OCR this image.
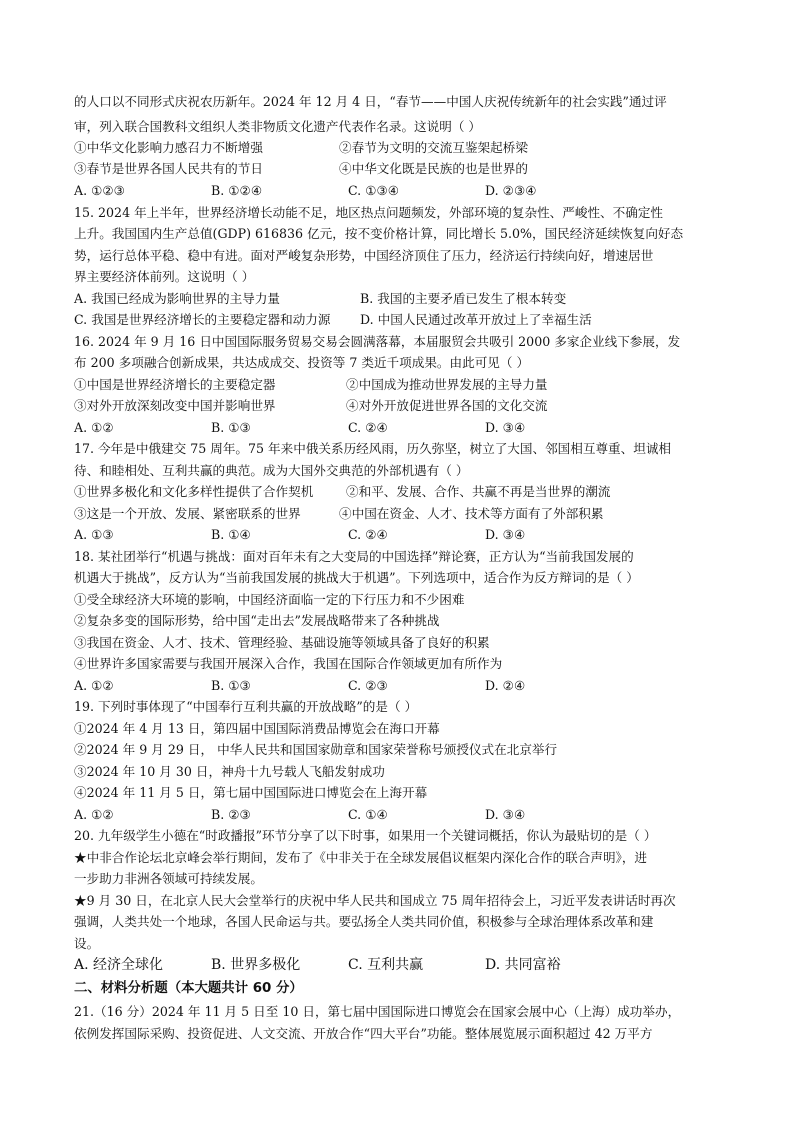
的人口以不同形式庆祝农历新年。2024 年 12 月 4 日，“春节——中国人庆祝传统新年的社会实践”通过评
审，列入联合国教科文组织人类非物质文化遗产代表作名录。这说明（ ）
①中华文化影响力感召力不断增强	②春节为文明的交流互鉴架起桥梁
③春节是世界各国人民共有的节日	④中华文化既是民族的也是世界的
A. ①②③	B. ①②④	C. ①③④	D. ②③④
15. 2024 年上半年，世界经济增长动能不足，地区热点问题频发，外部环境的复杂性、严峻性、不确定性
上升。我国国内生产总值(GDP) 616836 亿元，按不变价格计算，同比增长 5.0%，国民经济延续恢复向好态
势，运行总体平稳、稳中有进。面对严峻复杂形势，中国经济顶住了压力，经济运行持续向好，增速居世
界主要经济体前列。这说明（ ）
A. 我国已经成为影响世界的主导力量	B. 我国的主要矛盾已发生了根本转变
C. 我国是世界经济增长的主要稳定器和动力源 D. 中国人民通过改革开放过上了幸福生活
16. 2024 年 9 月 16 日中国国际服务贸易交易会圆满落幕，本届服贸会共吸引 2000 多家企业线下参展，发
布 200 多项融合创新成果，共达成成交、投资等 7 类近千项成果。由此可见（ ）
①中国是世界经济增长的主要稳定器	②中国成为推动世界发展的主导力量
③对外开放深刻改变中国并影响世界	④对外开放促进世界各国的文化交流
A. ①②	B. ①③	C. ②④	D. ③④
17. 今年是中俄建交 75 周年。75 年来中俄关系历经风雨，历久弥坚，树立了大国、邻国相互尊重、坦诚相
待、和睦相处、互利共赢的典范。成为大国外交典范的外部机遇有（ ）
①世界多极化和文化多样性提供了合作契机	②和平、发展、合作、共赢不再是当世界的潮流
③这是一个开放、发展、紧密联系的世界	④中国在资金、人才、技术等方面有了外部积累
A. ①③	B. ①④	C. ②④	D. ③④
18. 某社团举行“机遇与挑战：面对百年未有之大变局的中国选择”辩论赛，正方认为“当前我国发展的
机遇大于挑战”，反方认为“当前我国发展的挑战大于机遇”。下列选项中，适合作为反方辩词的是（ ）
①受全球经济大环境的影响，中国经济面临一定的下行压力和不少困难
②复杂多变的国际形势，给中国“走出去”发展战略带来了各种挑战
③我国在资金、人才、技术、管理经验、基础设施等领域具备了良好的积累
④世界许多国家需要与我国开展深入合作，我国在国际合作领域更加有所作为
A. ①②	B. ①③	C. ②③	D. ②④
19. 下列时事体现了“中国奉行互利共赢的开放战略”的是（ ）
①2024 年 4 月 13 日，第四届中国国际消费品博览会在海口开幕
②2024 年 9 月 29 日， 中华人民共和国国家勋章和国家荣誉称号颁授仪式在北京举行
③2024 年 10 月 30 日，神舟十九号载人飞船发射成功
④2024 年 11 月 5 日，第七届中国国际进口博览会在上海开幕
A. ①②	B. ②③	C. ①④	D. ③④
20. 九年级学生小德在“时政播报”环节分享了以下时事，如果用一个关键词概括，你认为最贴切的是（ ）
★中非合作论坛北京峰会举行期间，发布了《中非关于在全球发展倡议框架内深化合作的联合声明》，进
一步助力非洲各领域可持续发展。
★9 月 30 日，在北京人民大会堂举行的庆祝中华人民共和国成立 75 周年招待会上，习近平发表讲话时再次
强调，人类共处一个地球，各国人民命运与共。要弘扬全人类共同价值，积极参与全球治理体系改革和建
设。
A. 经济全球化	B. 世界多极化	C. 互利共赢	D. 共同富裕
二、材料分析题（本大题共计 60 分）
21.（16 分）2024 年 11 月 5 日至 10 日，第七届中国国际进口博览会在国家会展中心（上海）成功举办，
依例发挥国际采购、投资促进、人文交流、开放合作“四大平台”功能。整体展览展示面积超过 42 万平方
